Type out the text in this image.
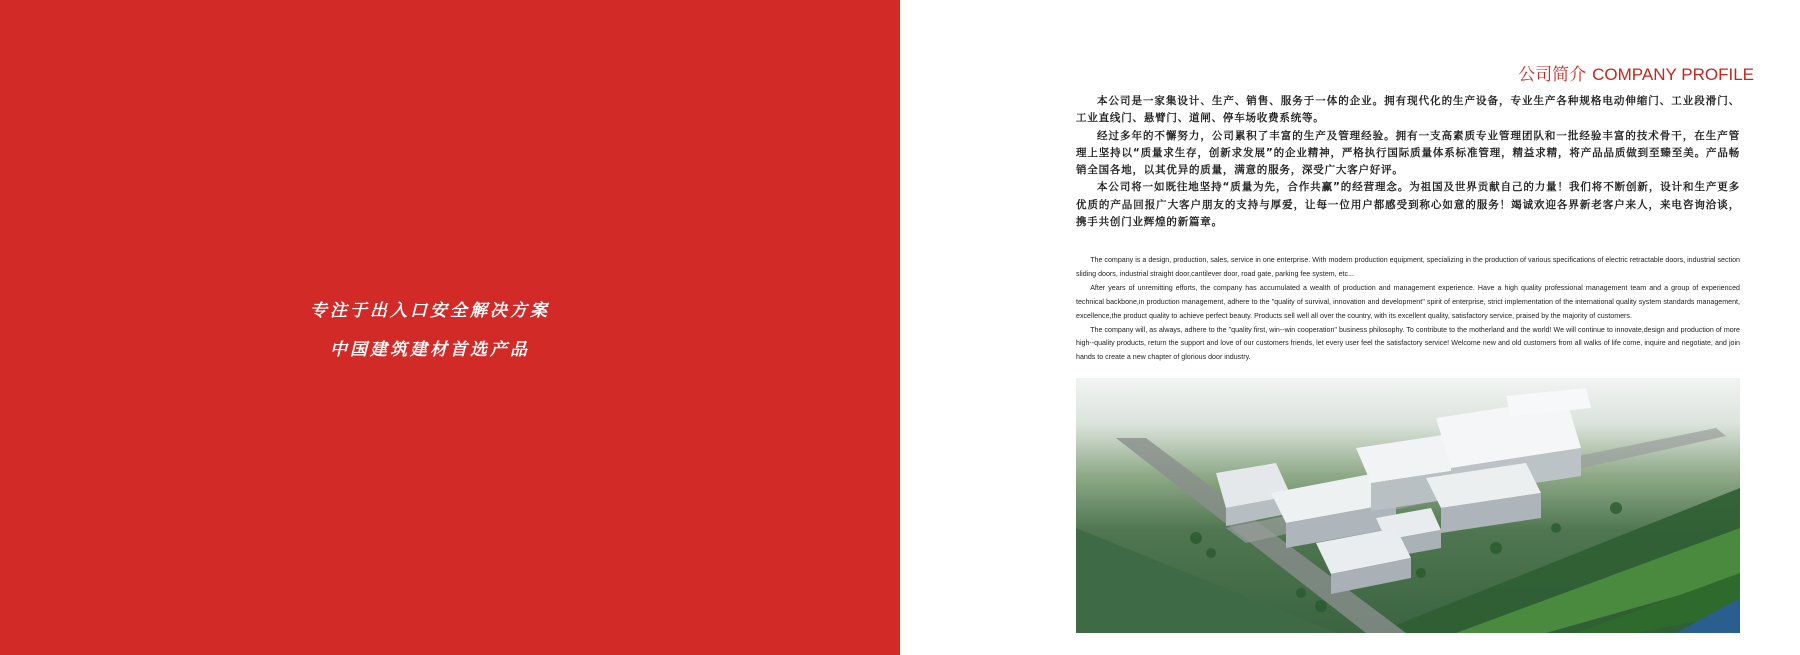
专注于出入口安全解决方案
中国建筑建材首选产品
公司简介 COMPANY PROFILE

本公司是一家集设计、生产、销售、服务于一体的企业。拥有现代化的生产设备，专业生产各种规格电动伸缩门、工业段滑门、工业直线门、悬臂门、道闸、停车场收费系统等。

经过多年的不懈努力，公司累积了丰富的生产及管理经验。拥有一支高素质专业管理团队和一批经验丰富的技术骨干，在生产管理上坚持以“质量求生存，创新求发展”的企业精神，严格执行国际质量体系标准管理，精益求精，将产品品质做到至臻至美。产品畅销全国各地，以其优异的质量，满意的服务，深受广大客户好评。

本公司将一如既往地坚持“质量为先，合作共赢”的经营理念。为祖国及世界贡献自己的力量！我们将不断创新，设计和生产更多优质的产品回报广大客户朋友的支持与厚爱，让每一位用户都感受到称心如意的服务！竭诚欢迎各界新老客户来人，来电咨询洽谈，携手共创门业辉煌的新篇章。

The company is a design, production, sales, service in one enterprise. With modern production equipment, specializing in the production of various specifications of electric retractable doors, industrial section sliding doors, industrial straight door,cantilever door, road gate, parking fee system, etc...

After years of unremitting efforts, the company has accumulated a wealth of production and management experience. Have a high quality professional management team and a group of experienced technical backbone,in production management, adhere to the "quality of survival, innovation and development" spirit of enterprise, strict implementation of the international quality system standards management, excellence,the product quality to achieve perfect beauty. Products sell well all over the country, with its excellent quality, satisfactory service, praised by the majority of customers.

The company will, as always, adhere to the "quality first, win--win cooperation" business philosophy. To contribute to the motherland and the world! We will continue to innovate,design and production of more high--quality products, return the support and love of our customers friends, let every user feel the satisfactory service! Welcome new and old customers from all walks of life come, inquire and negotiate, and join hands to create a new chapter of glorious door industry.
